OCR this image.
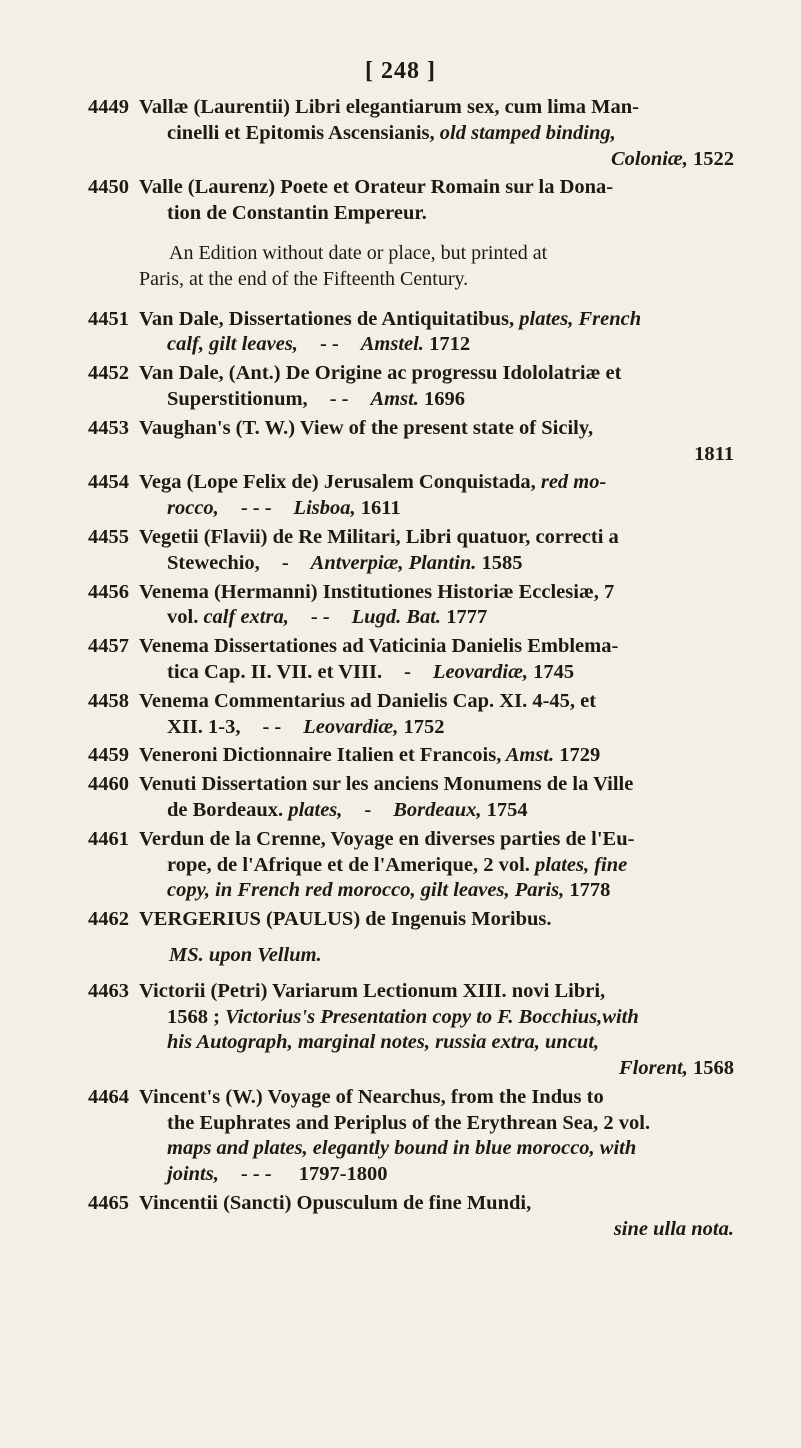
[ 248 ]
4449 Vallæ (Laurentii) Libri elegantiarum sex, cum lima Man-
cinelli et Epitomis Ascensianis, old stamped binding,
Coloniæ, 1522
4450 Valle (Laurenz) Poete et Orateur Romain sur la Dona-
tion de Constantin Empereur.
An Edition without date or place, but printed at
Paris, at the end of the Fifteenth Century.
4451 Van Dale, Dissertationes de Antiquitatibus, plates, French
calf, gilt leaves, - - Amstel. 1712
4452 Van Dale, (Ant.) De Origine ac progressu Idololatriæ et
Superstitionum, - - Amst. 1696
4453 Vaughan's (T. W.) View of the present state of Sicily,
1811
4454 Vega (Lope Felix de) Jerusalem Conquistada, red mo-
rocco, - - - Lisboa, 1611
4455 Vegetii (Flavii) de Re Militari, Libri quatuor, correcti a
Stewechio, - Antverpiæ, Plantin. 1585
4456 Venema (Hermanni) Institutiones Historiæ Ecclesiæ, 7
vol. calf extra, - - Lugd. Bat. 1777
4457 Venema Dissertationes ad Vaticinia Danielis Emblema-
tica Cap. II. VII. et VIII. - Leovardiæ, 1745
4458 Venema Commentarius ad Danielis Cap. XI. 4-45, et
XII. 1-3, - - Leovardiæ, 1752
4459 Veneroni Dictionnaire Italien et Francois, Amst. 1729
4460 Venuti Dissertation sur les anciens Monumens de la Ville
de Bordeaux. plates, - Bordeaux, 1754
4461 Verdun de la Crenne, Voyage en diverses parties de l'Eu-
rope, de l'Afrique et de l'Amerique, 2 vol. plates, fine
copy, in French red morocco, gilt leaves, Paris, 1778
4462 VERGERIUS (PAULUS) de Ingenuis Moribus.
MS. upon Vellum.
4463 Victorii (Petri) Variarum Lectionum XIII. novi Libri,
1568 ; Victorius's Presentation copy to F. Bocchius,with
his Autograph, marginal notes, russia extra, uncut,
Florent, 1568
4464 Vincent's (W.) Voyage of Nearchus, from the Indus to
the Euphrates and Periplus of the Erythrean Sea, 2 vol.
maps and plates, elegantly bound in blue morocco, with
joints, - - - 1797-1800
4465 Vincentii (Sancti) Opusculum de fine Mundi,
sine ulla nota.
